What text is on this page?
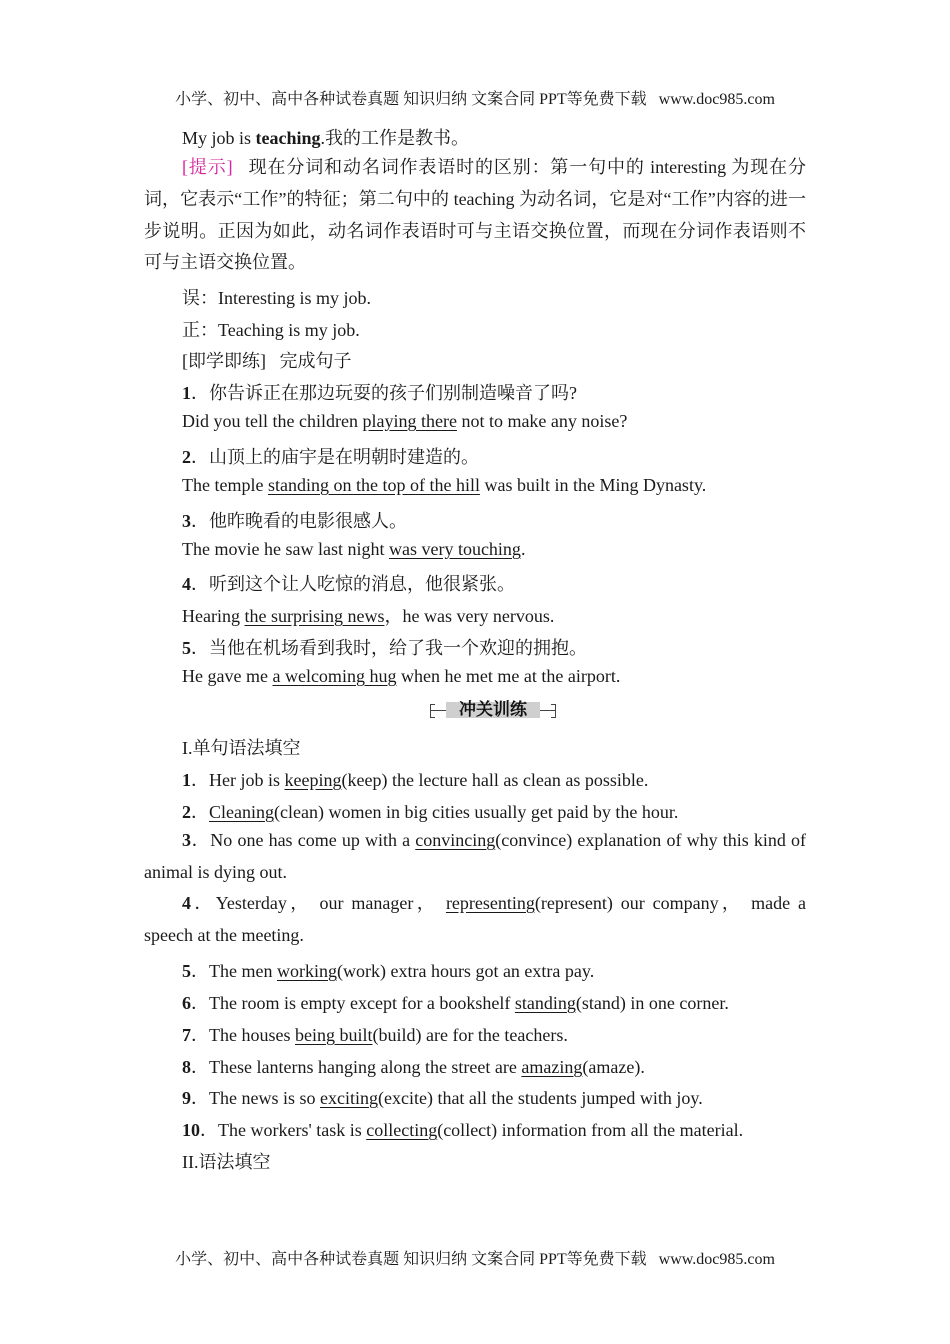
小学、初中、高中各种试卷真题 知识归纳 文案合同 PPT等免费下载 www.doc985.com
My job is teaching.我的工作是教书。
[提示] 现在分词和动名词作表语时的区别：第一句中的 interesting 为现在分词，它表示“工作”的特征；第二句中的 teaching 为动名词，它是对“工作”内容的进一步说明。正因为如此，动名词作表语时可与主语交换位置，而现在分词作表语则不可与主语交换位置。
误：Interesting is my job.
正：Teaching is my job.
[即学即练] 完成句子
1．你告诉正在那边玩耍的孩子们别制造噪音了吗?
Did you tell the children playing there not to make any noise?
2．山顶上的庙宇是在明朝时建造的。
The temple standing on the top of the hill was built in the Ming Dynasty.
3．他昨晚看的电影很感人。
The movie he saw last night was very touching.
4．听到这个让人吃惊的消息，他很紧张。
Hearing the surprising news，he was very nervous.
5．当他在机场看到我时，给了我一个欢迎的拥抱。
He gave me a welcoming hug when he met me at the airport.
冲关训练
I.单句语法填空
1．Her job is keeping(keep) the lecture hall as clean as possible.
2．Cleaning(clean) women in big cities usually get paid by the hour.
3．No one has come up with a convincing(convince) explanation of why this kind of animal is dying out.
4．Yesterday， our manager， representing(represent) our company， made a speech at the meeting.
5．The men working(work) extra hours got an extra pay.
6．The room is empty except for a bookshelf standing(stand) in one corner.
7．The houses being built(build) are for the teachers.
8．These lanterns hanging along the street are amazing(amaze).
9．The news is so exciting(excite) that all the students jumped with joy.
10．The workers' task is collecting(collect) information from all the material.
II.语法填空
小学、初中、高中各种试卷真题 知识归纳 文案合同 PPT等免费下载 www.doc985.com
